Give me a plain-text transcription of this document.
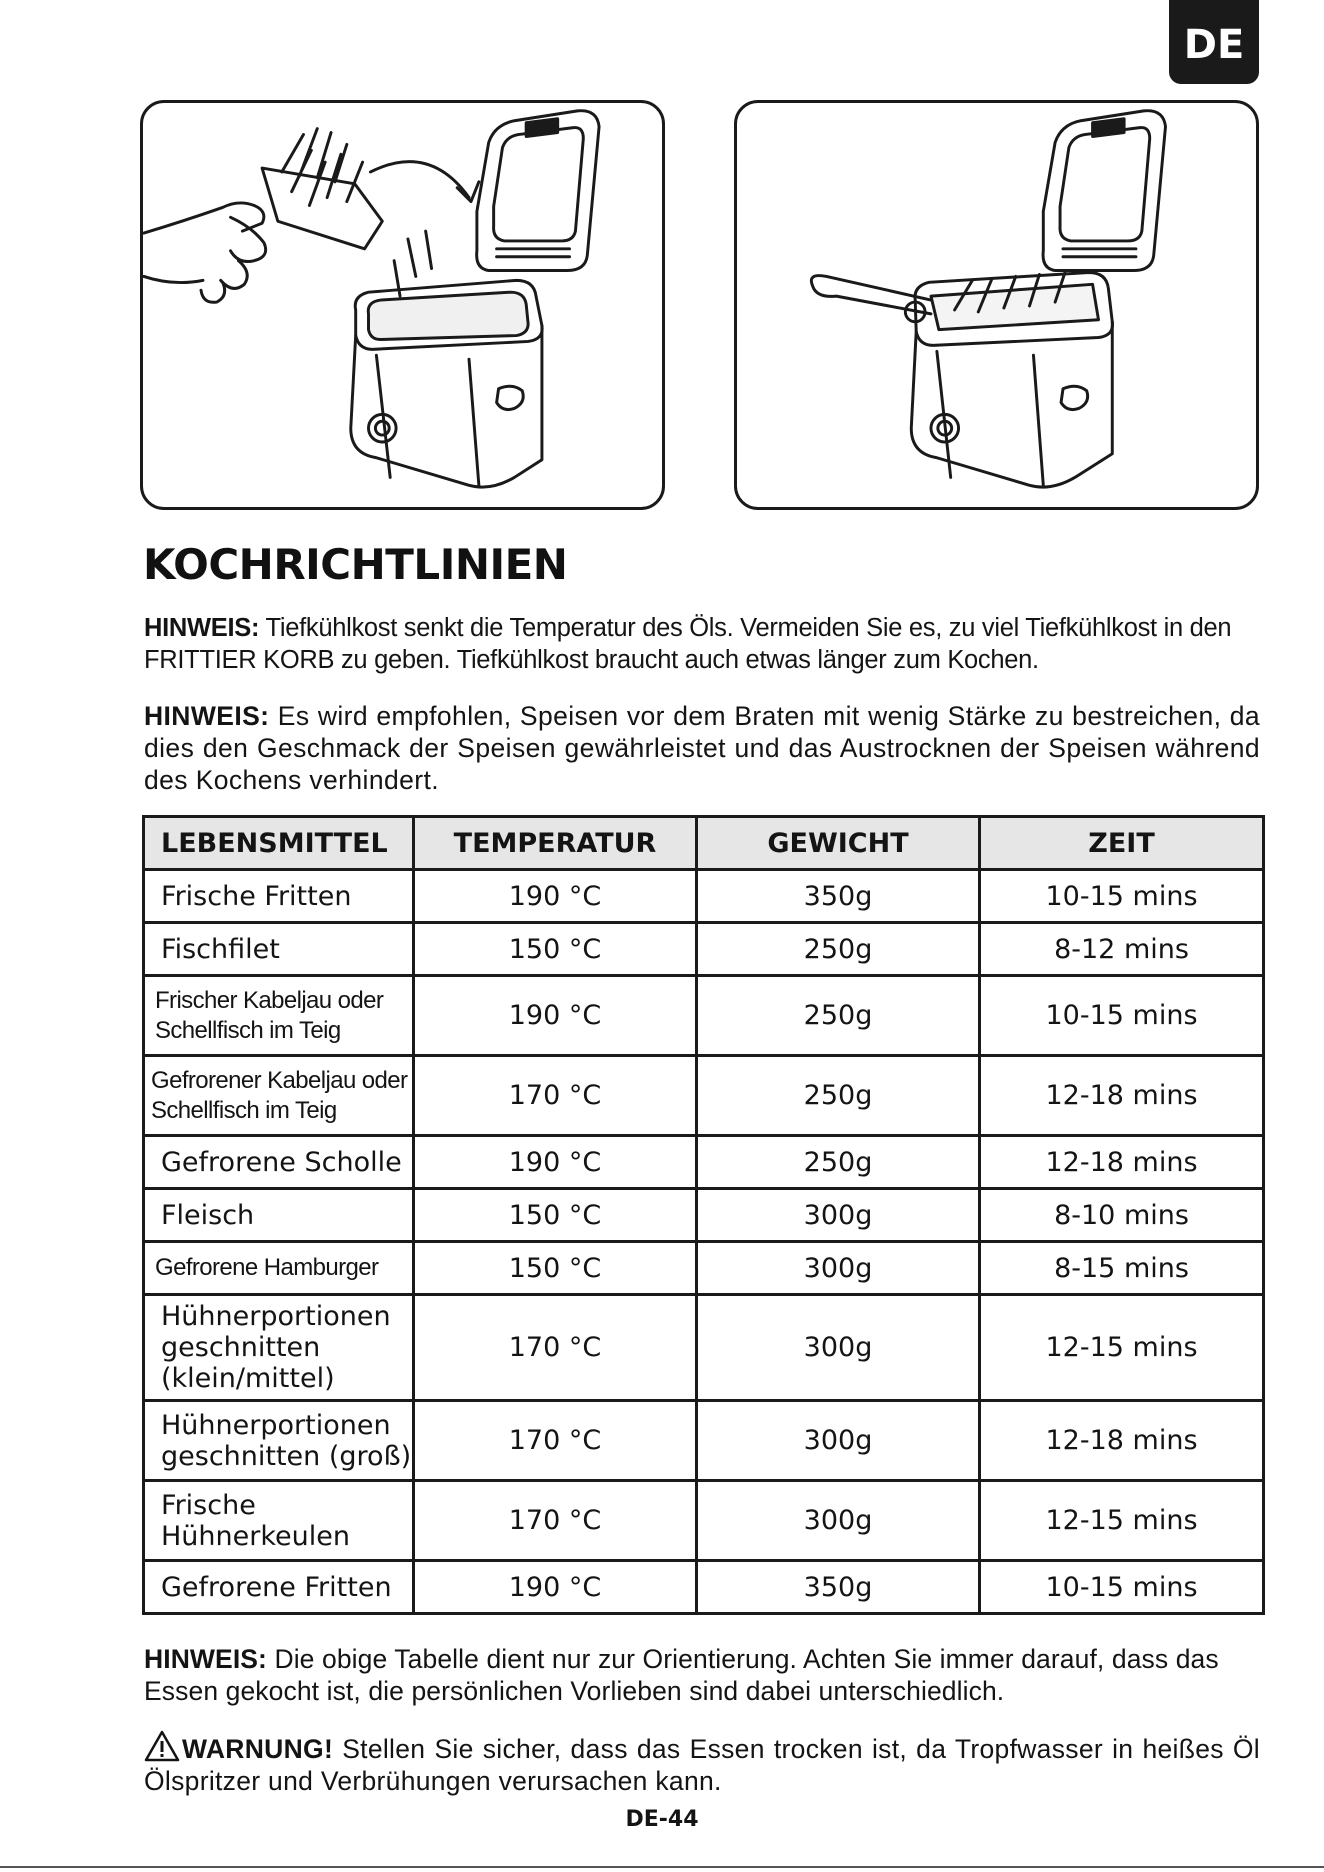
DE
KOCHRICHTLINIEN
HINWEIS: Tiefkühlkost senkt die Temperatur des Öls. Vermeiden Sie es, zu viel Tiefkühlkost in den FRITTIER KORB zu geben. Tiefkühlkost braucht auch etwas länger zum Kochen.
HINWEIS: Es wird empfohlen, Speisen vor dem Braten mit wenig Stärke zu bestreichen, da dies den Geschmack der Speisen gewährleistet und das Austrocknen der Speisen während des Kochens verhindert.
LEBENSMITTEL	TEMPERATUR	GEWICHT	ZEIT
Frische Fritten	190 °C	350g	10-15 mins
Fischfilet	150 °C	250g	8-12 mins
Frischer Kabeljau oder Schellfisch im Teig	190 °C	250g	10-15 mins
Gefrorener Kabeljau oder Schellfisch im Teig	170 °C	250g	12-18 mins
Gefrorene Scholle	190 °C	250g	12-18 mins
Fleisch	150 °C	300g	8-10 mins
Gefrorene Hamburger	150 °C	300g	8-15 mins
Hühnerportionen geschnitten (klein/mittel)	170 °C	300g	12-15 mins
Hühnerportionen geschnitten (groß)	170 °C	300g	12-18 mins
Frische Hühnerkeulen	170 °C	300g	12-15 mins
Gefrorene Fritten	190 °C	350g	10-15 mins
HINWEIS: Die obige Tabelle dient nur zur Orientierung. Achten Sie immer darauf, dass das Essen gekocht ist, die persönlichen Vorlieben sind dabei unterschiedlich.
WARNUNG! Stellen Sie sicher, dass das Essen trocken ist, da Tropfwasser in heißes Öl Ölspritzer und Verbrühungen verursachen kann.
DE-44
